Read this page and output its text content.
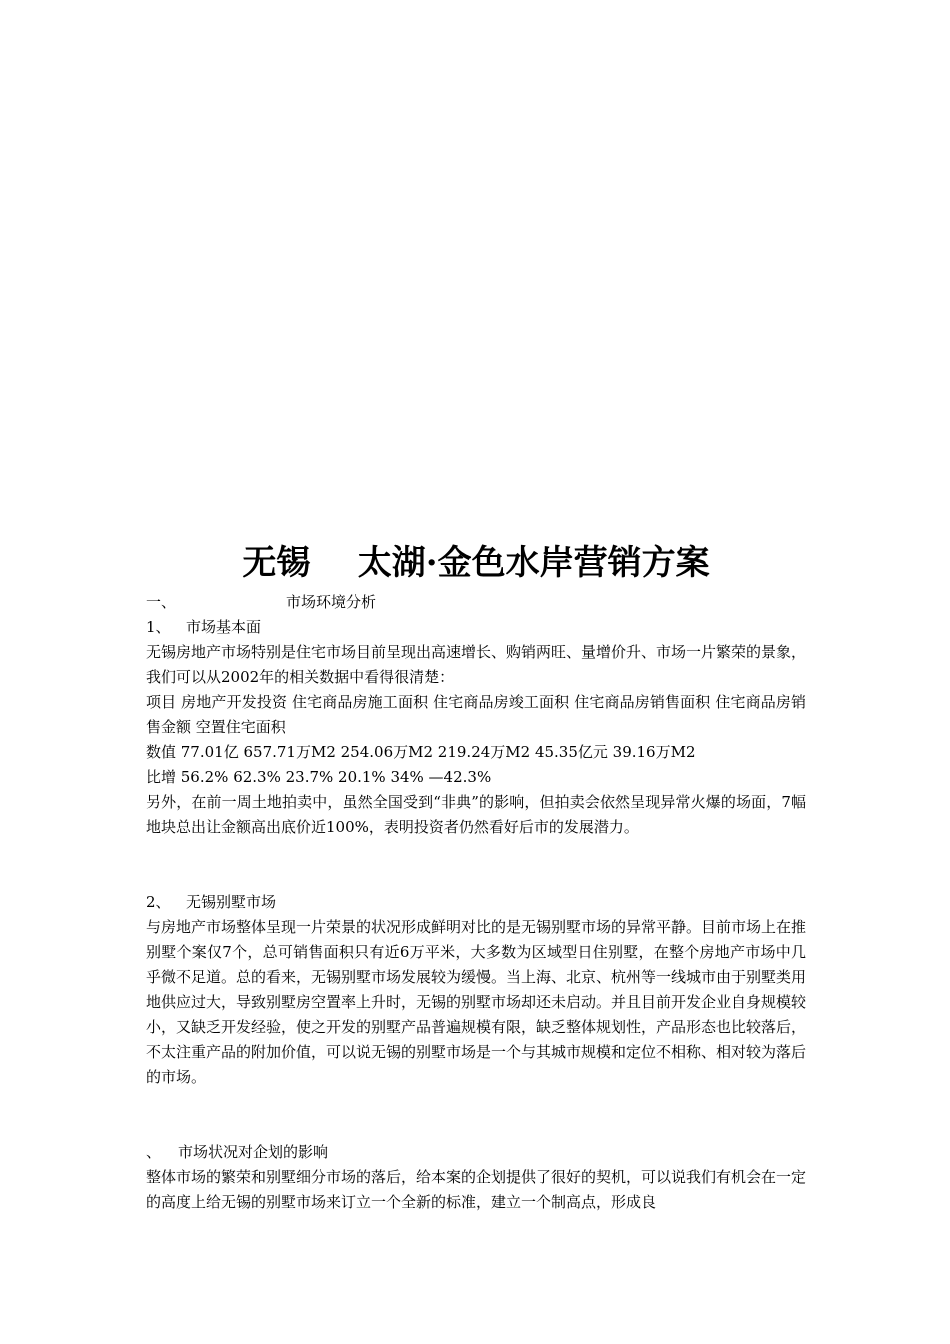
无锡    太湖·金色水岸营销方案

一、	市场环境分析

1、 市场基本面

无锡房地产市场特别是住宅市场目前呈现出高速增长、购销两旺、量增价升、市场一片繁荣的景象，我们可以从2002年的相关数据中看得很清楚：

项目 房地产开发投资 住宅商品房施工面积 住宅商品房竣工面积 住宅商品房销售面积 住宅商品房销售金额 空置住宅面积

数值 77.01亿 657.71万M2 254.06万M2 219.24万M2 45.35亿元 39.16万M2

比增 56.2% 62.3% 23.7% 20.1% 34% —42.3%

另外，在前一周土地拍卖中，虽然全国受到“非典”的影响，但拍卖会依然呈现异常火爆的场面，7幅地块总出让金额高出底价近100%，表明投资者仍然看好后市的发展潜力。

2、 无锡别墅市场

与房地产市场整体呈现一片荣景的状况形成鲜明对比的是无锡别墅市场的异常平静。目前市场上在推别墅个案仅7个，总可销售面积只有近6万平米，大多数为区域型日住别墅，在整个房地产市场中几乎微不足道。总的看来，无锡别墅市场发展较为缓慢。当上海、北京、杭州等一线城市由于别墅类用地供应过大，导致别墅房空置率上升时，无锡的别墅市场却还未启动。并且目前开发企业自身规模较小，又缺乏开发经验，使之开发的别墅产品普遍规模有限，缺乏整体规划性，产品形态也比较落后，不太注重产品的附加价值，可以说无锡的别墅市场是一个与其城市规模和定位不相称、相对较为落后的市场。

、 市场状况对企划的影响

整体市场的繁荣和别墅细分市场的落后，给本案的企划提供了很好的契机，可以说我们有机会在一定的高度上给无锡的别墅市场来订立一个全新的标准，建立一个制高点，形成良
